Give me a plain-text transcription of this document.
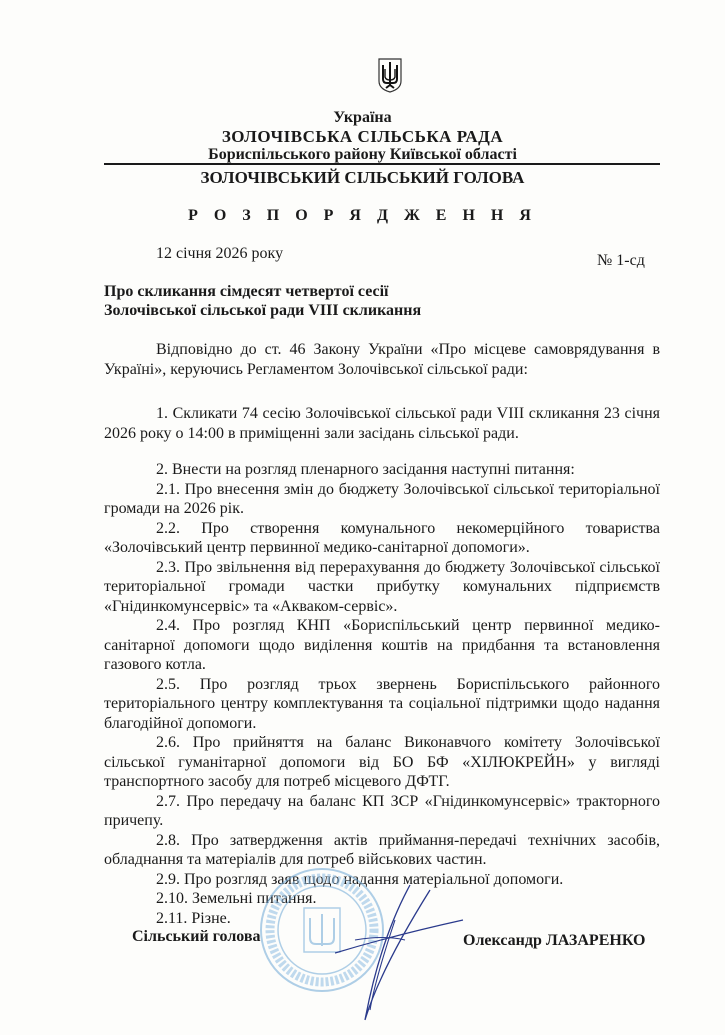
Україна
ЗОЛОЧІВСЬКА СІЛЬСЬКА РАДА
Бориспільського району Київської області
ЗОЛОЧІВСЬКИЙ СІЛЬСЬКИЙ ГОЛОВА
Р О З П О Р Я Д Ж Е Н Н Я
12 січня 2026 року	№ 1-сд
Про скликання сімдесят четвертої сесії
Золочівської сільської ради VIII скликання

Відповідно до ст. 46 Закону України «Про місцеве самоврядування в Україні», керуючись Регламентом Золочівської сільської ради:

1. Скликати 74 сесію Золочівської сільської ради VIII скликання 23 січня 2026 року о 14:00 в приміщенні зали засідань сільської ради.

2. Внести на розгляд пленарного засідання наступні питання:

2.1. Про внесення змін до бюджету Золочівської сільської територіальної громади на 2026 рік.

2.2. Про створення комунального некомерційного товариства «Золочівський центр первинної медико-санітарної допомоги».

2.3. Про звільнення від перерахування до бюджету Золочівської сільської територіальної громади частки прибутку комунальних підприємств «Гнідинкомунсервіс» та «Акваком-сервіс».

2.4. Про розгляд КНП «Бориспільський центр первинної медико-санітарної допомоги щодо виділення коштів на придбання та встановлення газового котла.

2.5. Про розгляд трьох звернень Бориспільського районного територіального центру комплектування та соціальної підтримки щодо надання благодійної допомоги.

2.6. Про прийняття на баланс Виконавчого комітету Золочівської сільської гуманітарної допомоги від БО БФ «ХІЛЮКРЕЙН» у вигляді транспортного засобу для потреб місцевого ДФТГ.

2.7. Про передачу на баланс КП ЗСР «Гнідинкомунсервіс» тракторного причепу.

2.8. Про затвердження актів приймання-передачі технічних засобів, обладнання та матеріалів для потреб військових частин.

2.9. Про розгляд заяв щодо надання матеріальної допомоги.

2.10. Земельні питання.

2.11. Різне.

Сільський голова	Олександр ЛАЗАРЕНКО
